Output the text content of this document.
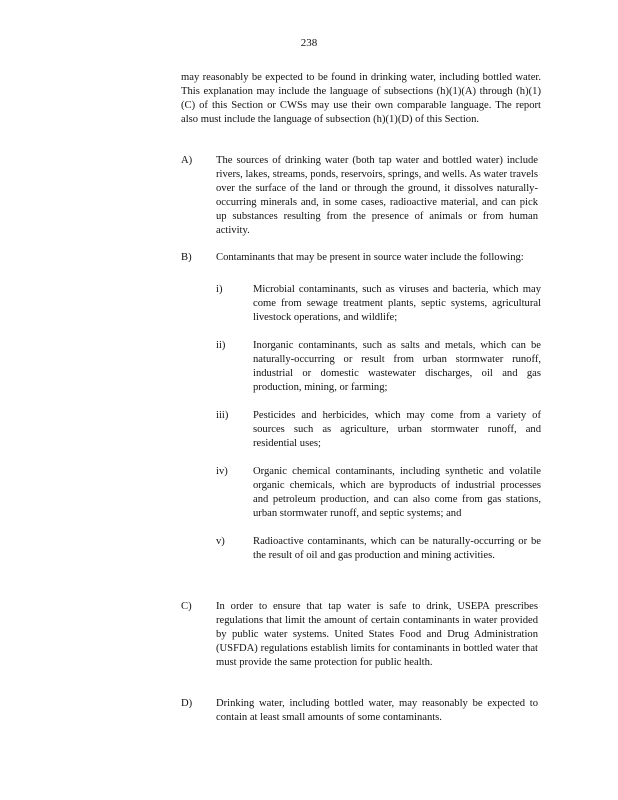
238

may reasonably be expected to be found in drinking water, including bottled water. This explanation may include the language of subsections (h)(1)(A) through (h)(1)(C) of this Section or CWSs may use their own comparable language. The report also must include the language of subsection (h)(1)(D) of this Section.

A)	The sources of drinking water (both tap water and bottled water) include rivers, lakes, streams, ponds, reservoirs, springs, and wells. As water travels over the surface of the land or through the ground, it dissolves naturally-occurring minerals and, in some cases, radioactive material, and can pick up substances resulting from the presence of animals or from human activity.
B)	Contaminants that may be present in source water include the following:
i)	Microbial contaminants, such as viruses and bacteria, which may come from sewage treatment plants, septic systems, agricultural livestock operations, and wildlife;
ii)	Inorganic contaminants, such as salts and metals, which can be naturally-occurring or result from urban stormwater runoff, industrial or domestic wastewater discharges, oil and gas production, mining, or farming;
iii)	Pesticides and herbicides, which may come from a variety of sources such as agriculture, urban stormwater runoff, and residential uses;
iv)	Organic chemical contaminants, including synthetic and volatile organic chemicals, which are byproducts of industrial processes and petroleum production, and can also come from gas stations, urban stormwater runoff, and septic systems; and
v)	Radioactive contaminants, which can be naturally-occurring or be the result of oil and gas production and mining activities.
C)	In order to ensure that tap water is safe to drink, USEPA prescribes regulations that limit the amount of certain contaminants in water provided by public water systems. United States Food and Drug Administration (USFDA) regulations establish limits for contaminants in bottled water that must provide the same protection for public health.
D)	Drinking water, including bottled water, may reasonably be expected to contain at least small amounts of some contaminants.
